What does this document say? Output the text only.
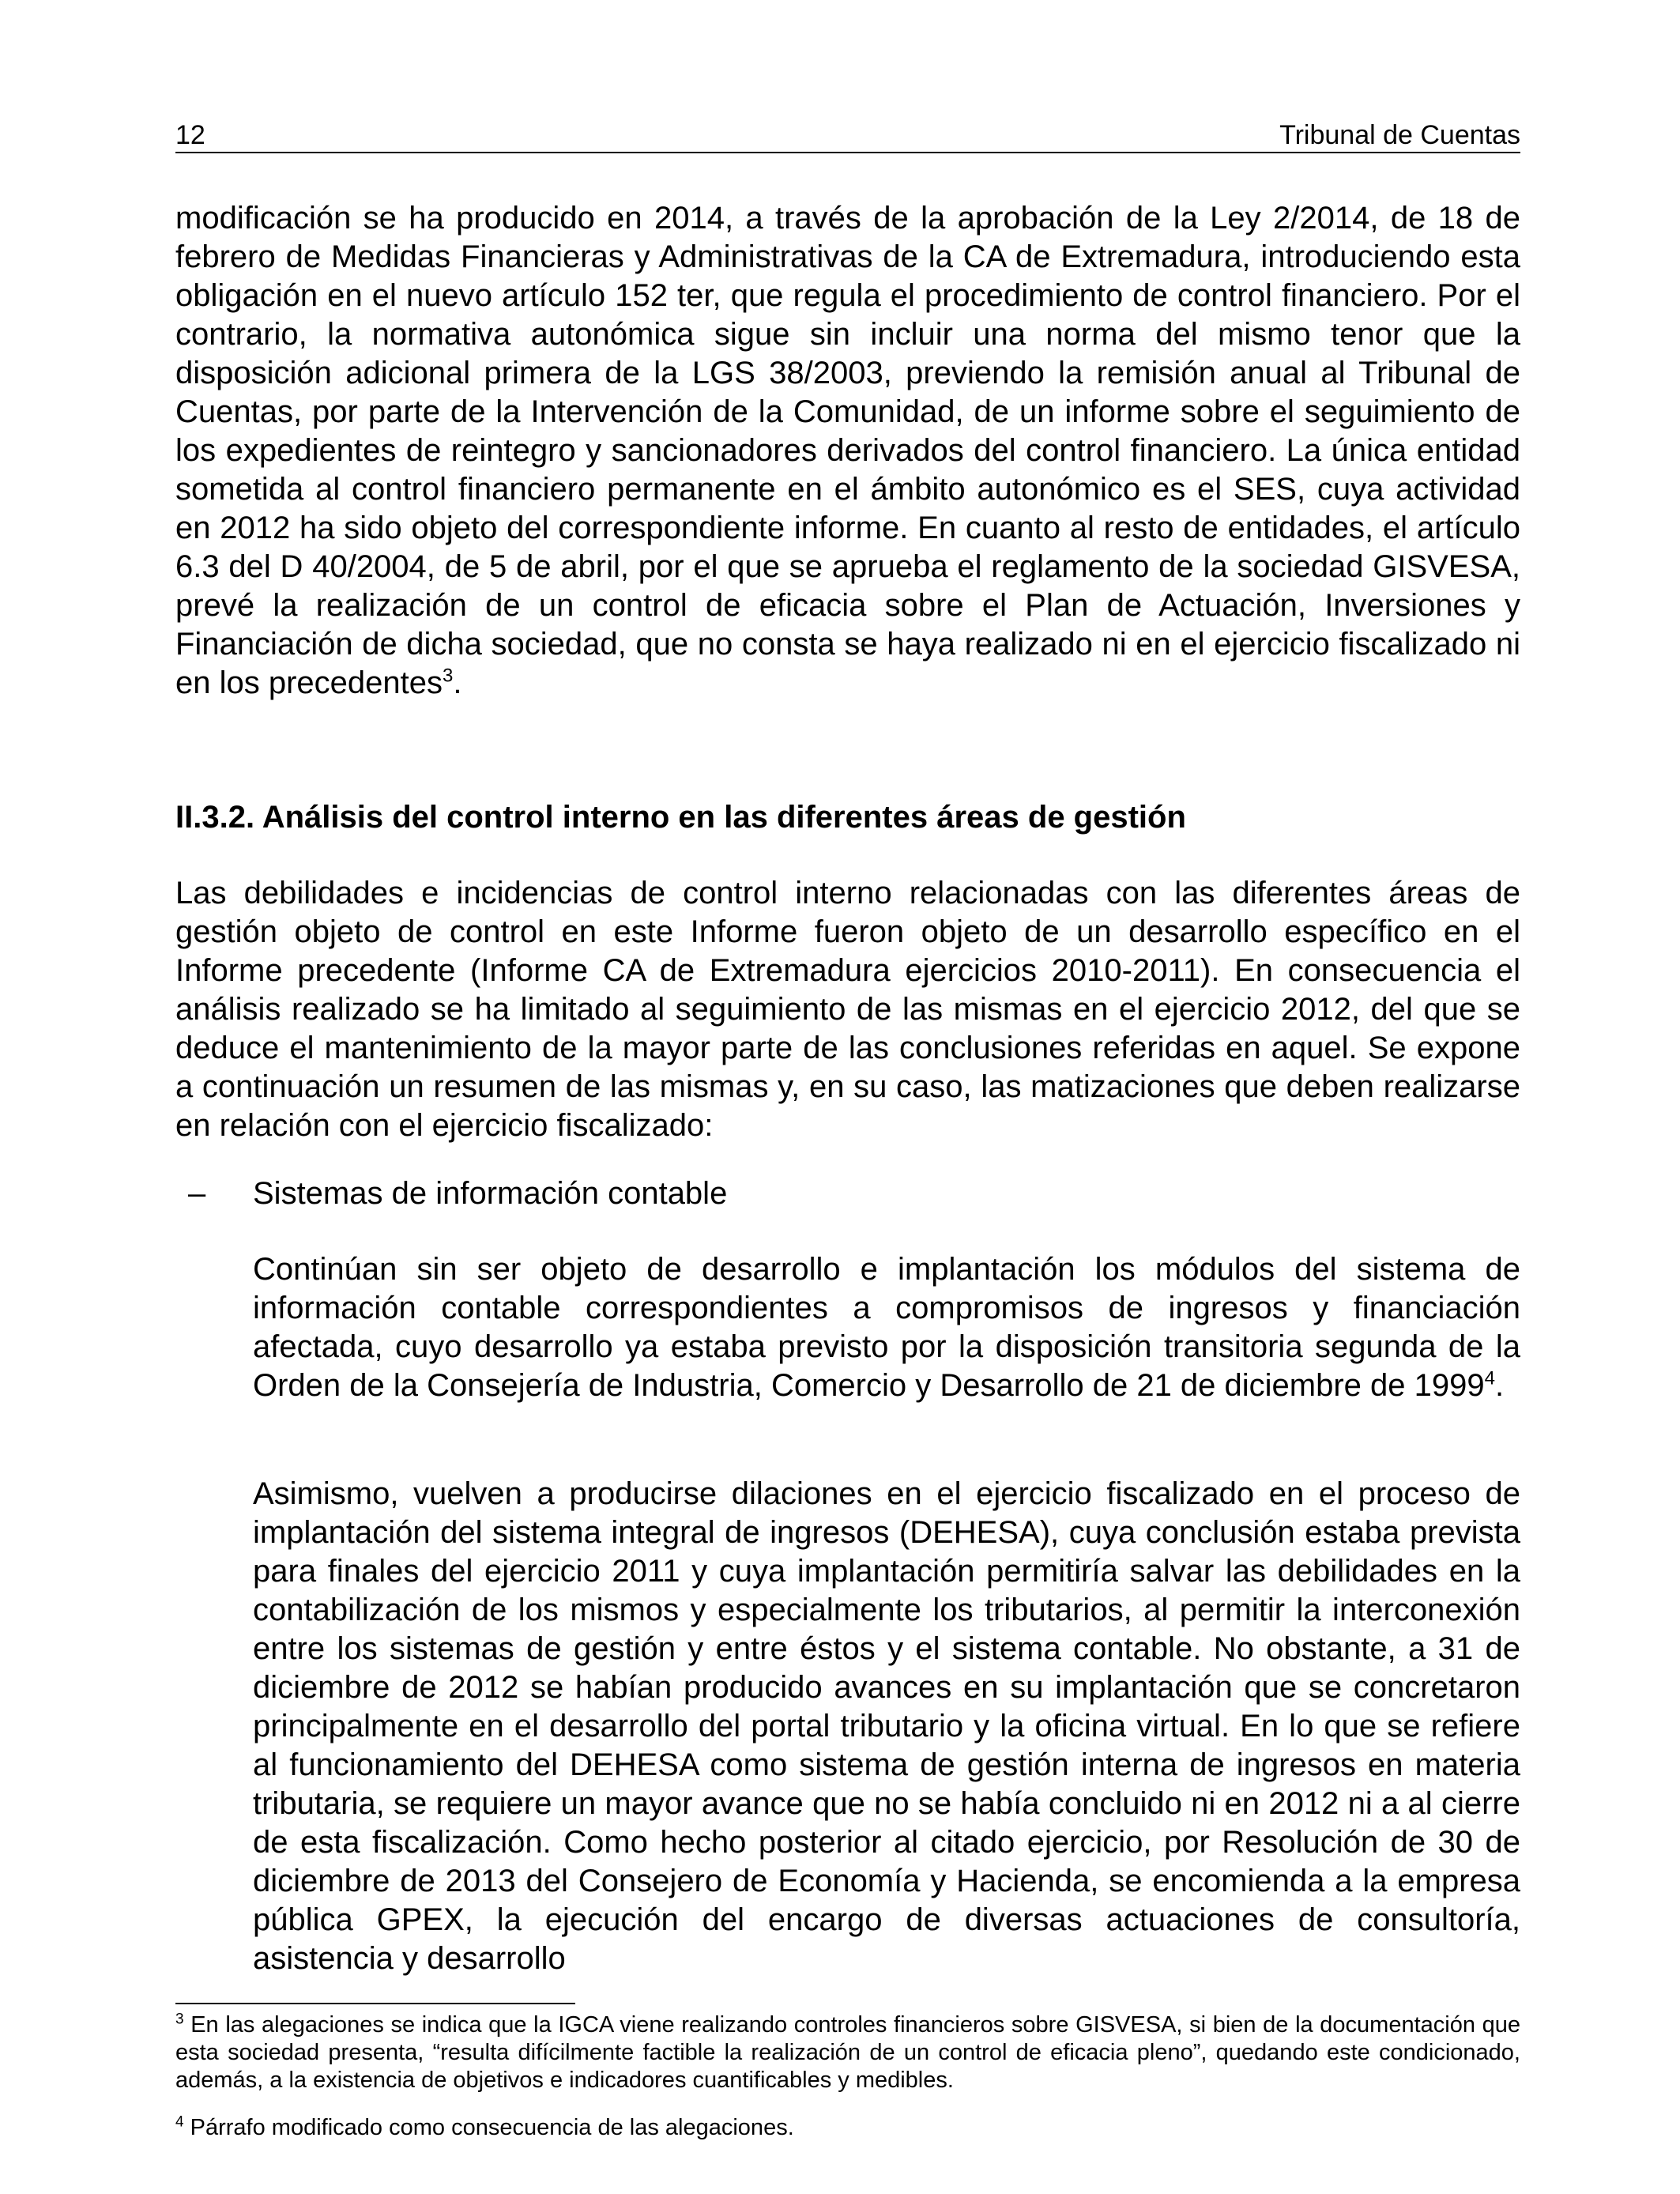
12	Tribunal de Cuentas

modificación se ha producido en 2014, a través de la aprobación de la Ley 2/2014, de 18 de febrero de Medidas Financieras y Administrativas de la CA de Extremadura, introduciendo esta obligación en el nuevo artículo 152 ter, que regula el procedimiento de control financiero. Por el contrario, la normativa autonómica sigue sin incluir una norma del mismo tenor que la disposición adicional primera de la LGS 38/2003, previendo la remisión anual al Tribunal de Cuentas, por parte de la Intervención de la Comunidad, de un informe sobre el seguimiento de los expedientes de reintegro y sancionadores derivados del control financiero. La única entidad sometida al control financiero permanente en el ámbito autonómico es el SES, cuya actividad en 2012 ha sido objeto del correspondiente informe. En cuanto al resto de entidades, el artículo 6.3 del D 40/2004, de 5 de abril, por el que se aprueba el reglamento de la sociedad GISVESA, prevé la realización de un control de eficacia sobre el Plan de Actuación, Inversiones y Financiación de dicha sociedad, que no consta se haya realizado ni en el ejercicio fiscalizado ni en los precedentes$^3$.

II.3.2. Análisis del control interno en las diferentes áreas de gestión

Las debilidades e incidencias de control interno relacionadas con las diferentes áreas de gestión objeto de control en este Informe fueron objeto de un desarrollo específico en el Informe precedente (Informe CA de Extremadura ejercicios 2010-2011). En consecuencia el análisis realizado se ha limitado al seguimiento de las mismas en el ejercicio 2012, del que se deduce el mantenimiento de la mayor parte de las conclusiones referidas en aquel. Se expone a continuación un resumen de las mismas y, en su caso, las matizaciones que deben realizarse en relación con el ejercicio fiscalizado:

– Sistemas de información contable

Continúan sin ser objeto de desarrollo e implantación los módulos del sistema de información contable correspondientes a compromisos de ingresos y financiación afectada, cuyo desarrollo ya estaba previsto por la disposición transitoria segunda de la Orden de la Consejería de Industria, Comercio y Desarrollo de 21 de diciembre de 1999$^4$.

Asimismo, vuelven a producirse dilaciones en el ejercicio fiscalizado en el proceso de implantación del sistema integral de ingresos (DEHESA), cuya conclusión estaba prevista para finales del ejercicio 2011 y cuya implantación permitiría salvar las debilidades en la contabilización de los mismos y especialmente los tributarios, al permitir la interconexión entre los sistemas de gestión y entre éstos y el sistema contable. No obstante, a 31 de diciembre de 2012 se habían producido avances en su implantación que se concretaron principalmente en el desarrollo del portal tributario y la oficina virtual. En lo que se refiere al funcionamiento del DEHESA como sistema de gestión interna de ingresos en materia tributaria, se requiere un mayor avance que no se había concluido ni en 2012 ni a al cierre de esta fiscalización. Como hecho posterior al citado ejercicio, por Resolución de 30 de diciembre de 2013 del Consejero de Economía y Hacienda, se encomienda a la empresa pública GPEX, la ejecución del encargo de diversas actuaciones de consultoría, asistencia y desarrollo

$^3$ En las alegaciones se indica que la IGCA viene realizando controles financieros sobre GISVESA, si bien de la documentación que esta sociedad presenta, “resulta difícilmente factible la realización de un control de eficacia pleno”, quedando este condicionado, además, a la existencia de objetivos e indicadores cuantificables y medibles.

$^4$ Párrafo modificado como consecuencia de las alegaciones.
